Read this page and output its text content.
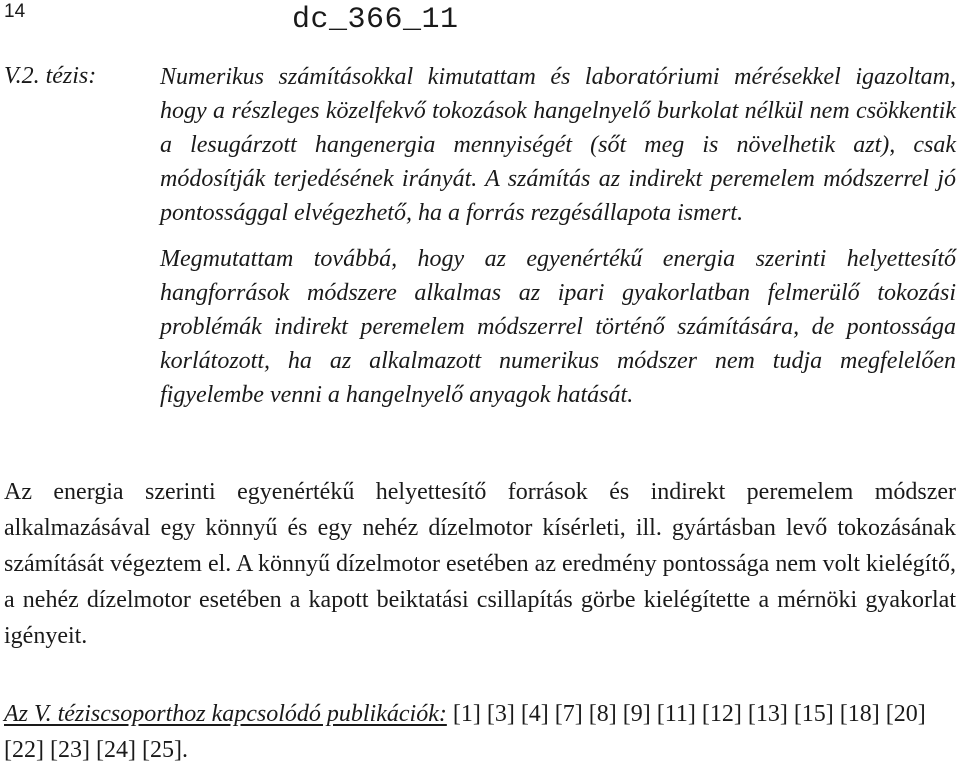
14	dc_366_11
V.2. tézis:	Numerikus számításokkal kimutattam és laboratóriumi mérésekkel igazoltam, hogy a részleges közelfekvő tokozások hangelnyelő burkolat nélkül nem csökkentik a lesugárzott hangenergia mennyiségét (sőt meg is növelhetik azt), csak módosítják terjedésének irányát. A számítás az indirekt peremelem módszerrel jó pontossággal elvégezhető, ha a forrás rezgésállapota ismert.

Megmutattam továbbá, hogy az egyenértékű energia szerinti helyettesítő hangforrások módszere alkalmas az ipari gyakorlatban felmerülő tokozási problémák indirekt peremelem módszerrel történő számítására, de pontossága korlátozott, ha az alkalmazott numerikus módszer nem tudja megfelelően figyelembe venni a hangelnyelő anyagok hatását.

Az energia szerinti egyenértékű helyettesítő források és indirekt peremelem módszer alkalmazásával egy könnyű és egy nehéz dízelmotor kísérleti, ill. gyártásban levő tokozásának számítását végeztem el. A könnyű dízelmotor esetében az eredmény pontossága nem volt kielégítő, a nehéz dízelmotor esetében a kapott beiktatási csillapítás görbe kielégítette a mérnöki gyakorlat igényeit.

Az V. téziscsoporthoz kapcsolódó publikációk: [1] [3] [4] [7] [8] [9] [11] [12] [13] [15] [18] [20] [22] [23] [24] [25].
